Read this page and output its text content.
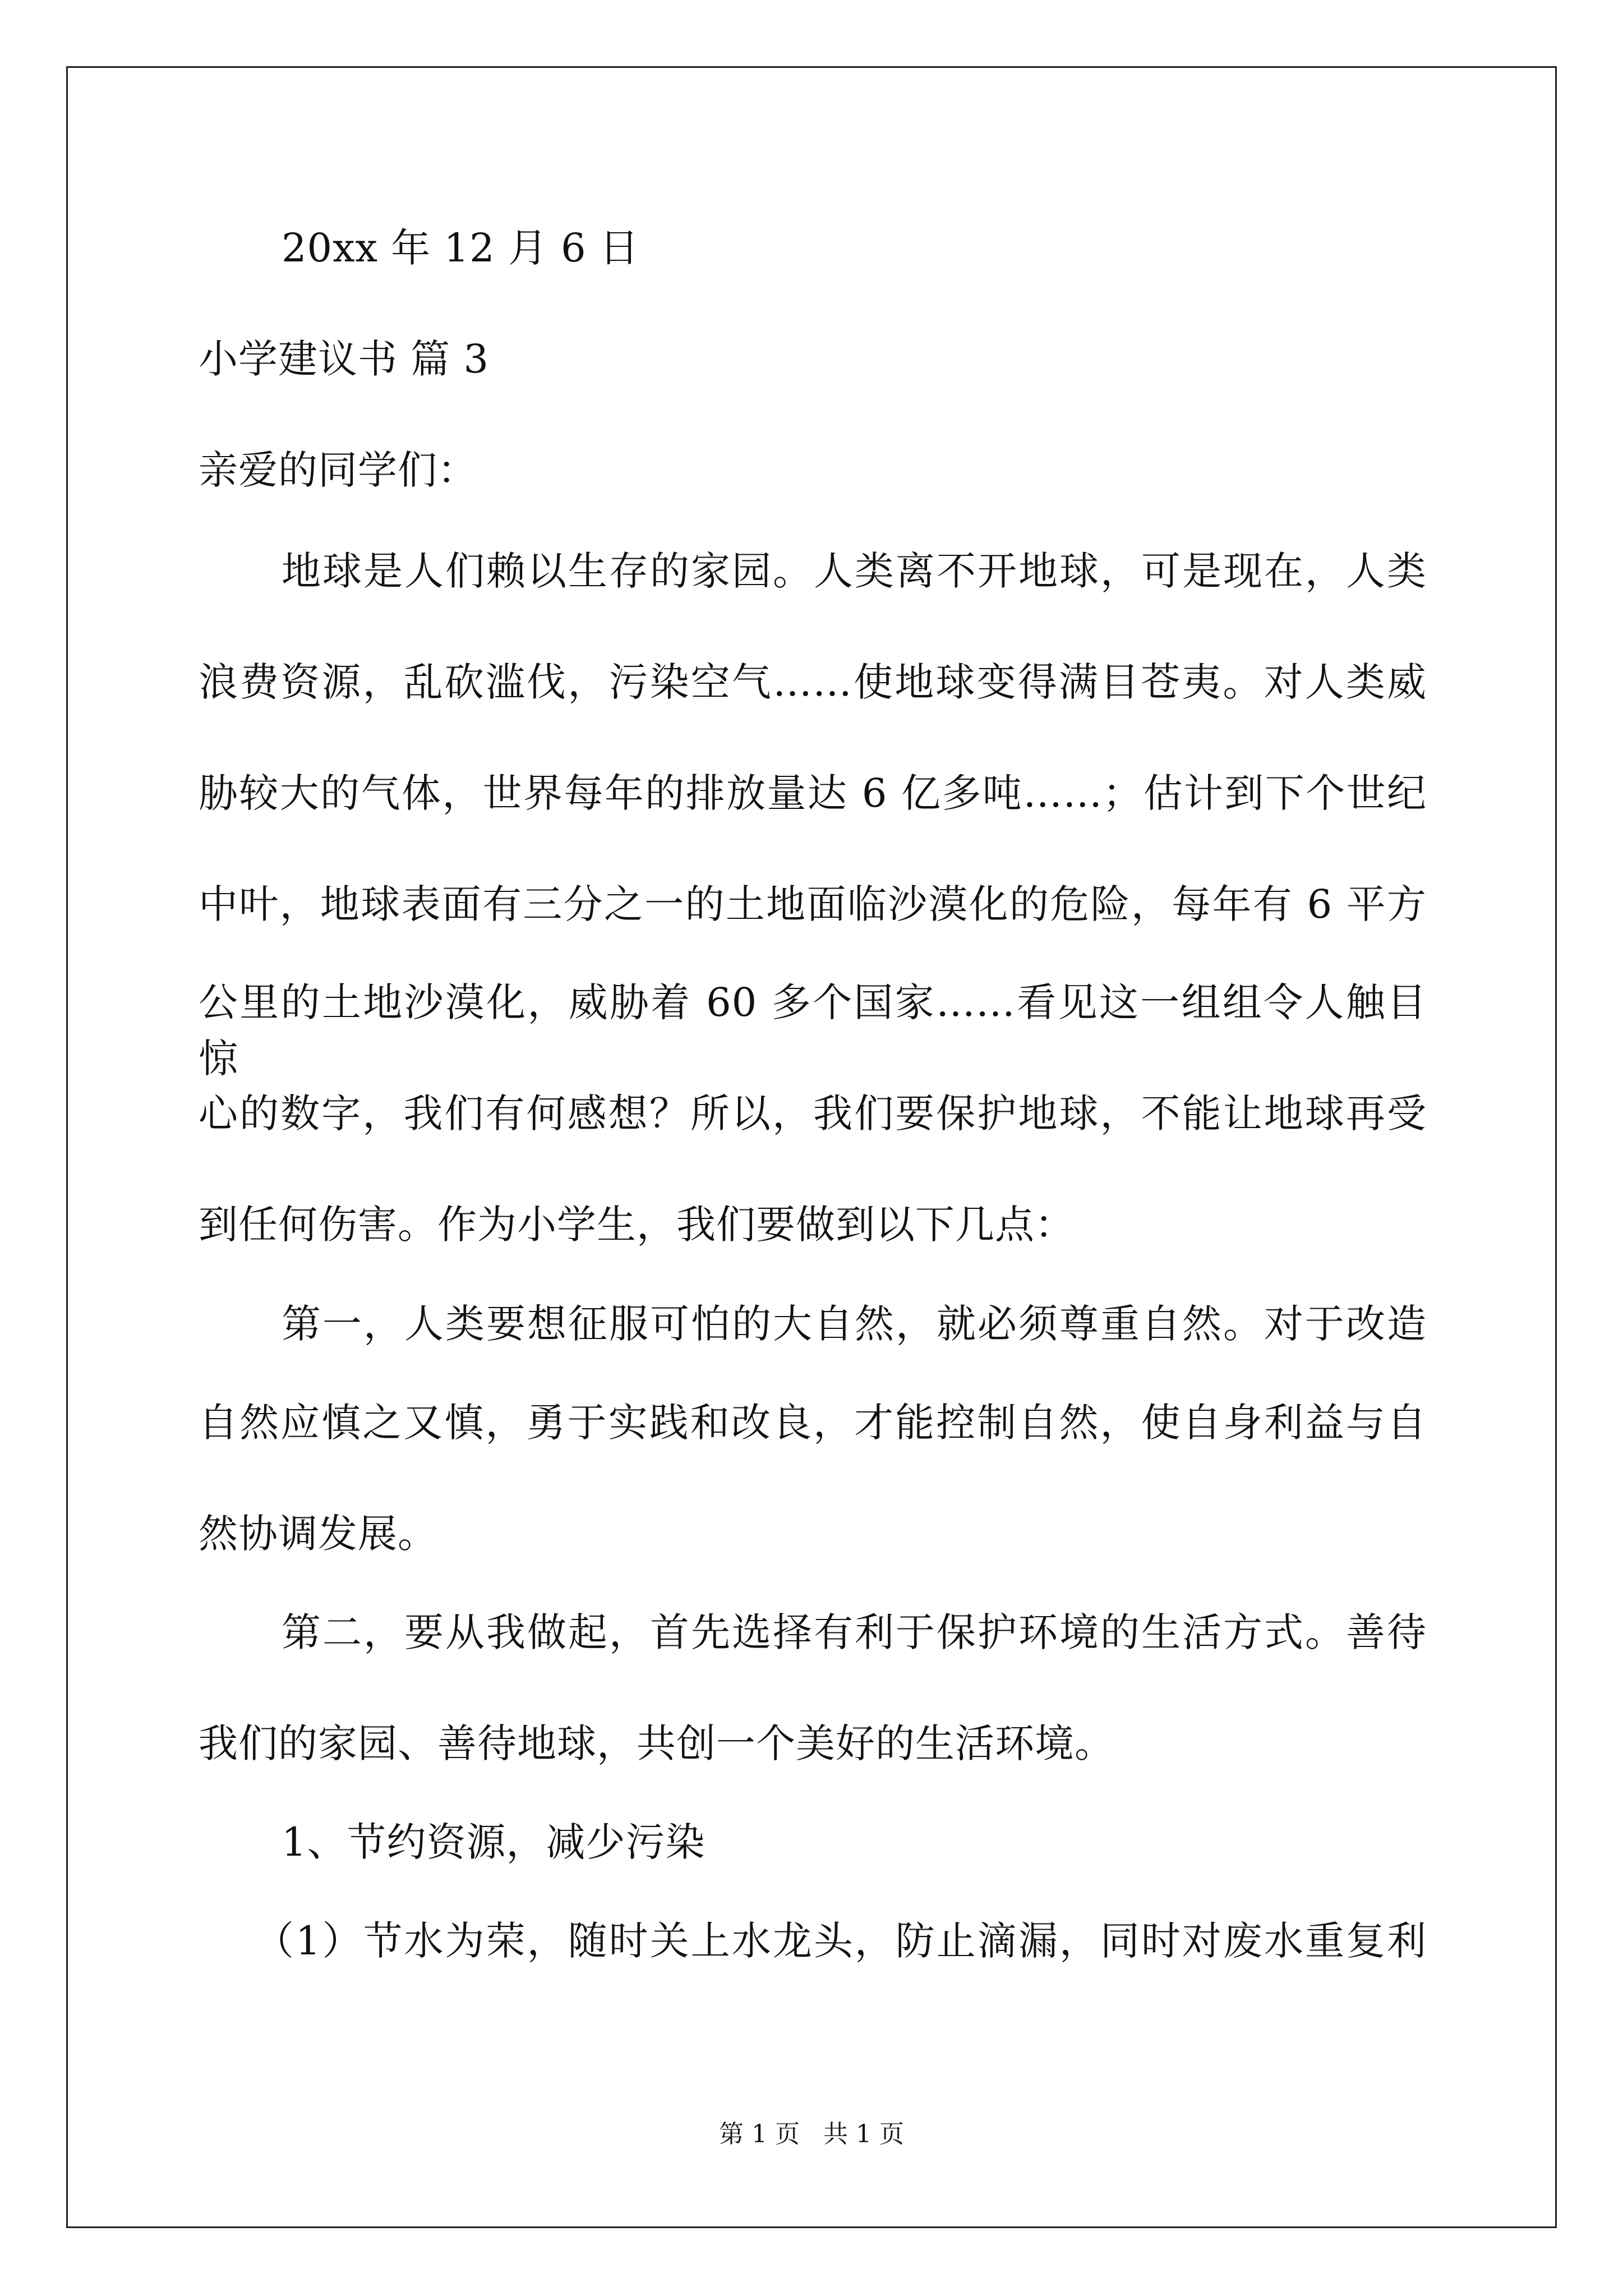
20xx 年 12 月 6 日
小学建议书 篇 3
亲爱的同学们：
地球是人们赖以生存的家园。人类离不开地球，可是现在，人类
浪费资源，乱砍滥伐，污染空气……使地球变得满目苍夷。对人类威
胁较大的气体，世界每年的排放量达 6 亿多吨……；估计到下个世纪
中叶，地球表面有三分之一的土地面临沙漠化的危险，每年有 6 平方
公里的土地沙漠化，威胁着 60 多个国家……看见这一组组令人触目惊
心的数字，我们有何感想？所以，我们要保护地球，不能让地球再受
到任何伤害。作为小学生，我们要做到以下几点：
第一，人类要想征服可怕的大自然，就必须尊重自然。对于改造
自然应慎之又慎，勇于实践和改良，才能控制自然，使自身利益与自
然协调发展。
第二，要从我做起，首先选择有利于保护环境的生活方式。善待
我们的家园、善待地球，共创一个美好的生活环境。
1、节约资源，减少污染
（1）节水为荣，随时关上水龙头，防止滴漏，同时对废水重复利
第 1 页 共 1 页
